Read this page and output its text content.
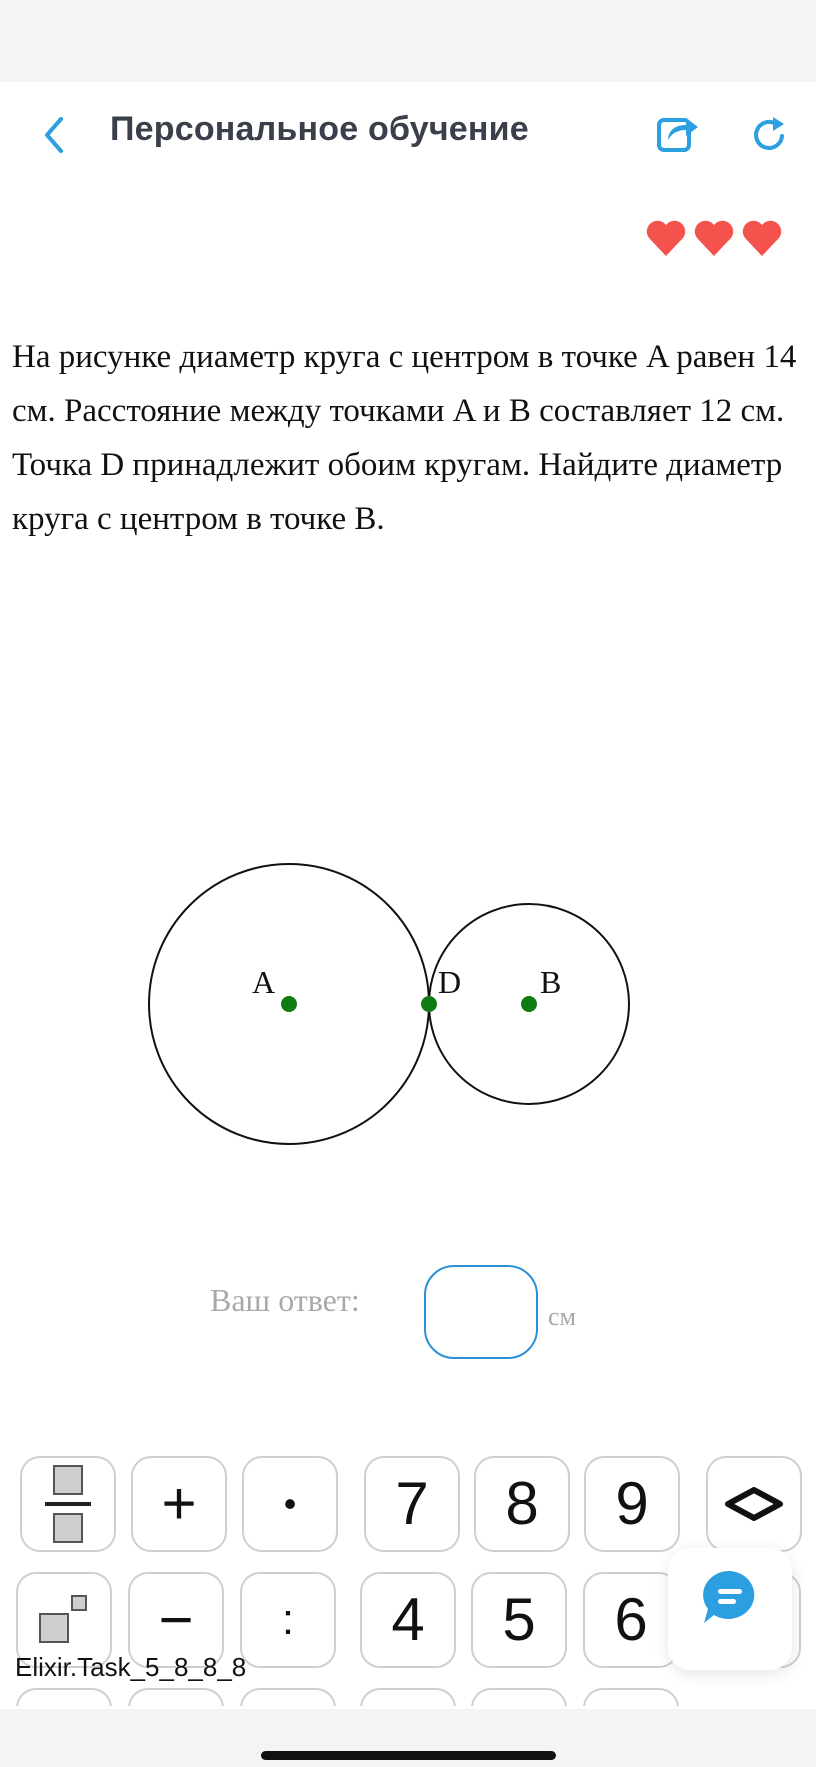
Персональное обучение
На рисунке диаметр круга с центром в точке A равен 14 см. Расстояние между точками A и B составляет 12 см. Точка D принадлежит обоим кругам. Найдите диаметр круга с центром в точке B.
A	D B
Ваш ответ:	см
+ • 7 8 9
− : 4 5 6
Elixir.Task_5_8_8_8
